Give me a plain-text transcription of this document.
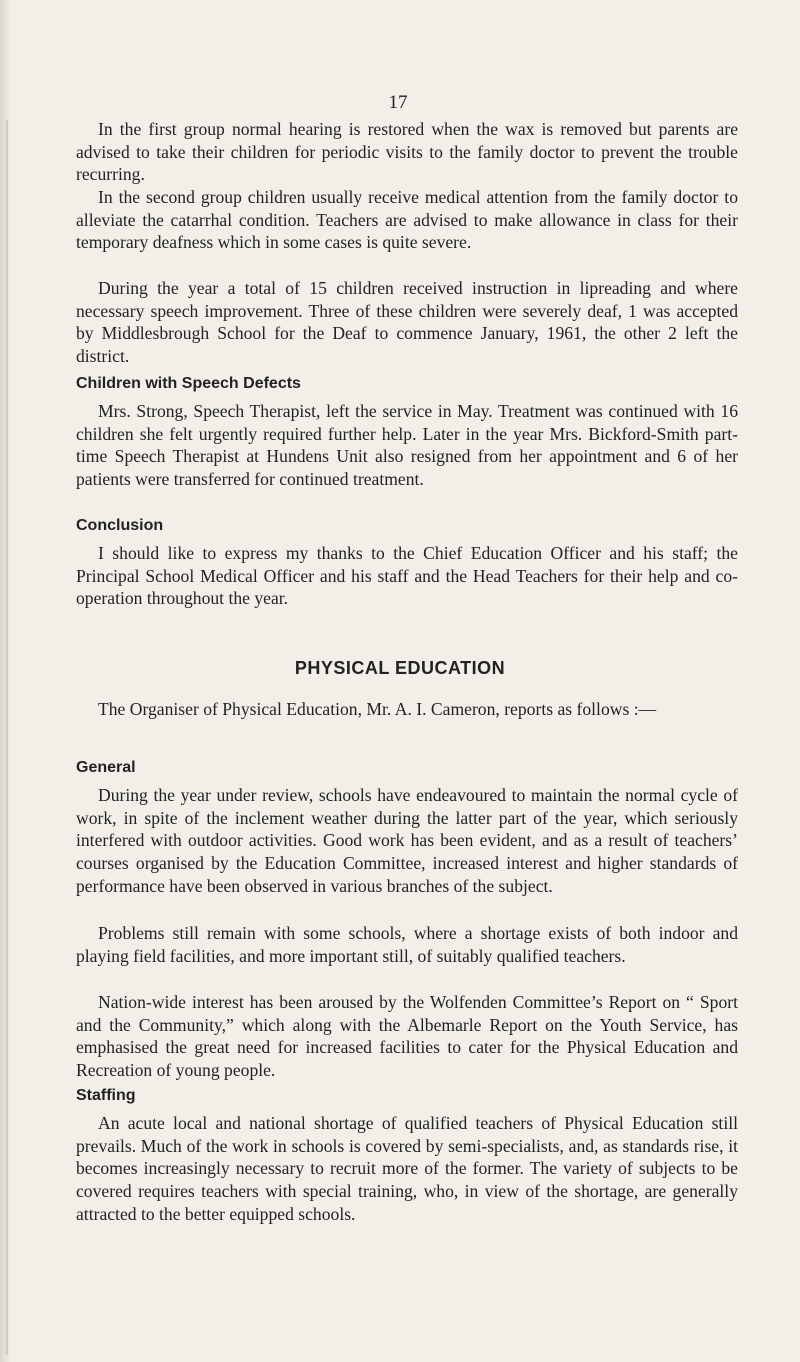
17

In the first group normal hearing is restored when the wax is removed but parents are advised to take their children for periodic visits to the family doctor to prevent the trouble recurring.

In the second group children usually receive medical attention from the family doctor to alleviate the catarrhal condition. Teachers are advised to make allowance in class for their temporary deafness which in some cases is quite severe.

During the year a total of 15 children received instruction in lipreading and where necessary speech improvement. Three of these children were severely deaf, 1 was accepted by Middlesbrough School for the Deaf to commence January, 1961, the other 2 left the district.

Children with Speech Defects

Mrs. Strong, Speech Therapist, left the service in May. Treatment was continued with 16 children she felt urgently required further help. Later in the year Mrs. Bickford-Smith part-time Speech Therapist at Hundens Unit also resigned from her appointment and 6 of her patients were transferred for continued treatment.

Conclusion

I should like to express my thanks to the Chief Education Officer and his staff; the Principal School Medical Officer and his staff and the Head Teachers for their help and co-operation throughout the year.

PHYSICAL EDUCATION

The Organiser of Physical Education, Mr. A. I. Cameron, reports as follows :—

General

During the year under review, schools have endeavoured to maintain the normal cycle of work, in spite of the inclement weather during the latter part of the year, which seriously interfered with outdoor activities. Good work has been evident, and as a result of teachers’ courses organised by the Education Committee, increased interest and higher standards of performance have been observed in various branches of the subject.

Problems still remain with some schools, where a shortage exists of both indoor and playing field facilities, and more important still, of suitably qualified teachers.

Nation-wide interest has been aroused by the Wolfenden Committee’s Report on “ Sport and the Community,” which along with the Albemarle Report on the Youth Service, has emphasised the great need for increased facilities to cater for the Physical Education and Recreation of young people.

Staffing

An acute local and national shortage of qualified teachers of Physical Education still prevails. Much of the work in schools is covered by semi-specialists, and, as standards rise, it becomes increasingly necessary to recruit more of the former. The variety of subjects to be covered requires teachers with special training, who, in view of the shortage, are generally attracted to the better equipped schools.
